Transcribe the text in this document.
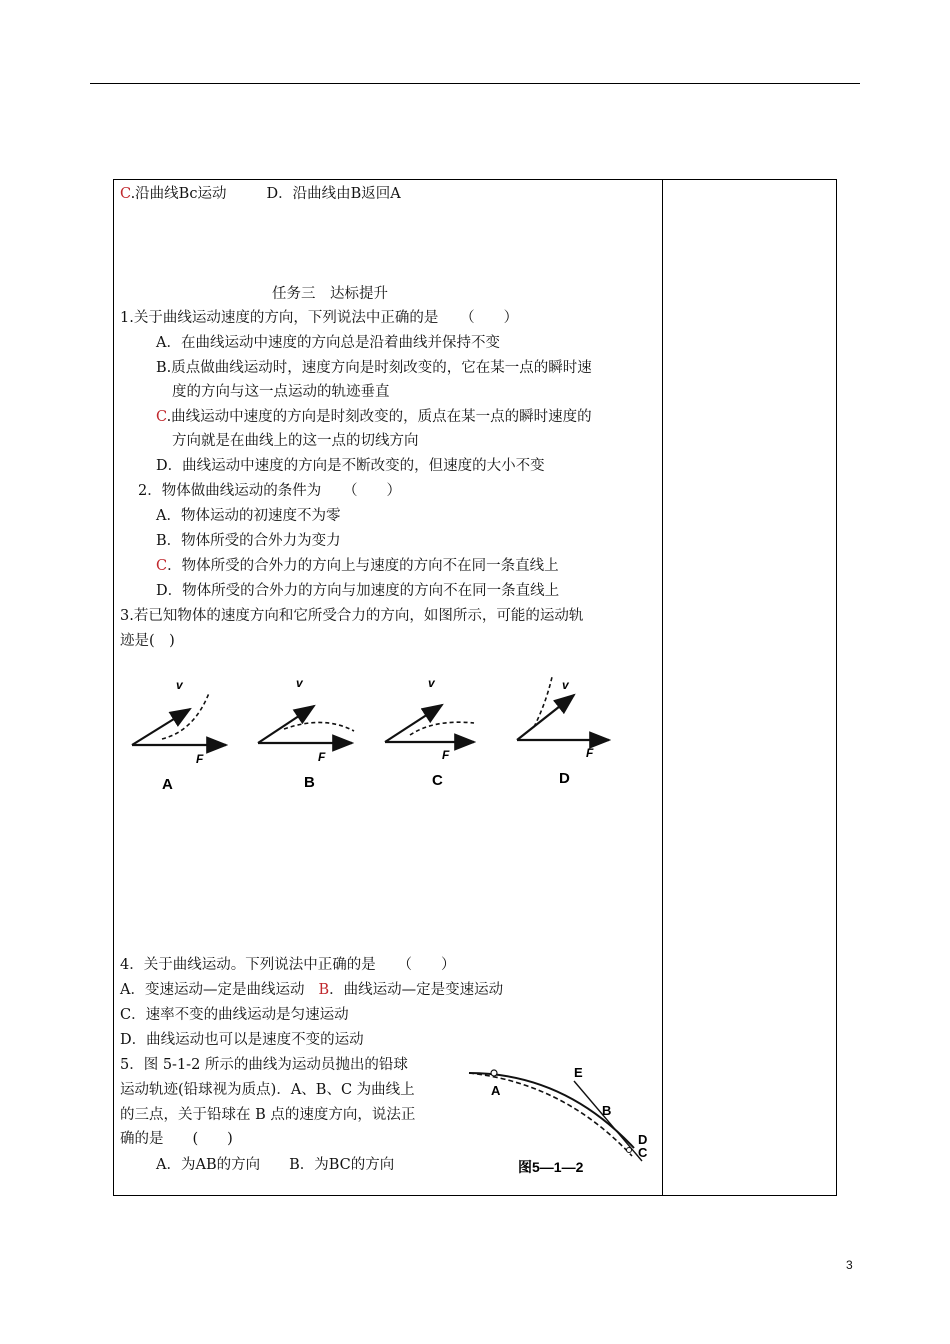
C.沿曲线Bc运动	D．沿曲线由B返回A
任务三　达标提升
1.关于曲线运动速度的方向，下列说法中正确的是　　（　　）
A．在曲线运动中速度的方向总是沿着曲线并保持不变
B.质点做曲线运动时，速度方向是时刻改变的，它在某一点的瞬时速
度的方向与这一点运动的轨迹垂直
C.曲线运动中速度的方向是时刻改变的，质点在某一点的瞬时速度的
方向就是在曲线上的这一点的切线方向
D．曲线运动中速度的方向是不断改变的，但速度的大小不变
2．物体做曲线运动的条件为　　（　　）
A．物体运动的初速度不为零
B．物体所受的合外力为变力
C．物体所受的合外力的方向上与速度的方向不在同一条直线上
D．物体所受的合外力的方向与加速度的方向不在同一条直线上
3.若已知物体的速度方向和它所受合力的方向，如图所示，可能的运动轨
迹是(　)
v
F
A
v
F
B
v
F
C
v
F
D
4．关于曲线运动。下列说法中正确的是　　（　　）
A．变速运动—定是曲线运动 B．曲线运动—定是变速运动
C．速率不变的曲线运动是匀速运动
D．曲线运动也可以是速度不变的运动
5．图 5-1-2 所示的曲线为运动员抛出的铅球
运动轨迹(铅球视为质点)．A、B、C 为曲线上
的三点，关于铅球在 B 点的速度方向，说法正
确的是　　(　　)
A．为AB的方向　　B．为BC的方向
A
B
C
D
E
图5—1—2
3
